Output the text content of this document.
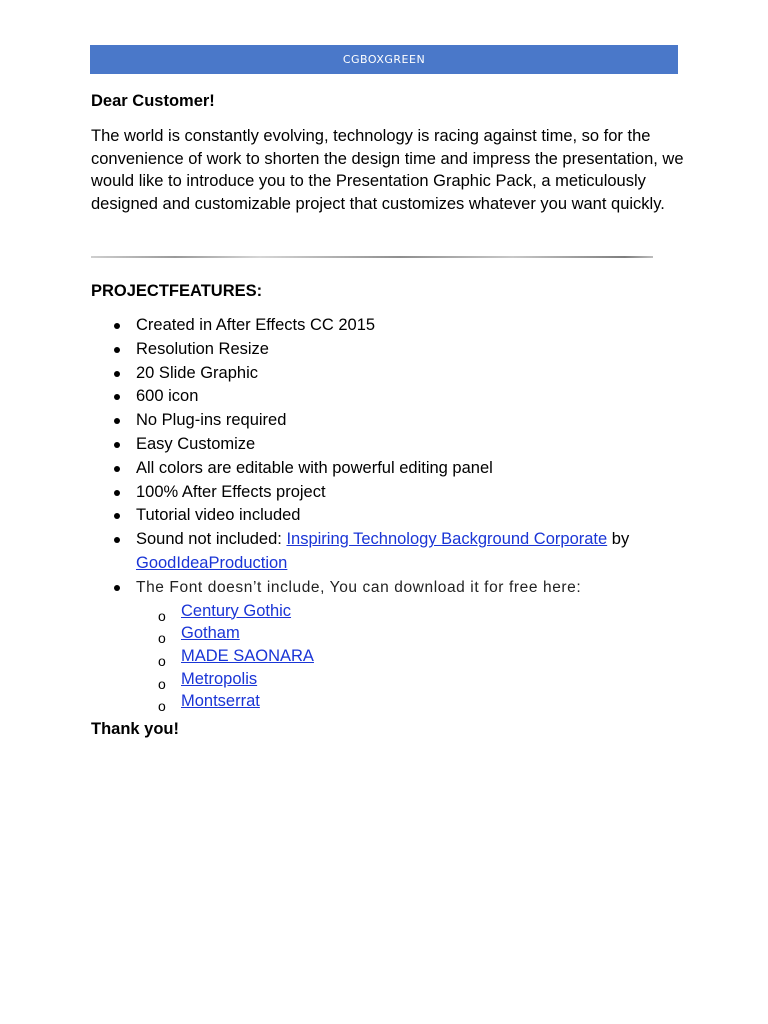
CGBOXGREEN
Dear Customer!
The world is constantly evolving, technology is racing against time, so for the convenience of work to shorten the design time and impress the presentation, we would like to introduce you to the Presentation Graphic Pack, a meticulously designed and customizable project that customizes whatever you want quickly.
PROJECTFEATURES:
Created in After Effects CC 2015
Resolution Resize
20 Slide Graphic
600 icon
No Plug-ins required
Easy Customize
All colors are editable with powerful editing panel
100% After Effects project
Tutorial video included
Sound not included: Inspiring Technology Background Corporate by
GoodIdeaProduction
The Font doesn’t include, You can download it for free here:
o Century Gothic
o Gotham
o MADE SAONARA
o Metropolis
o Montserrat
Thank you!
